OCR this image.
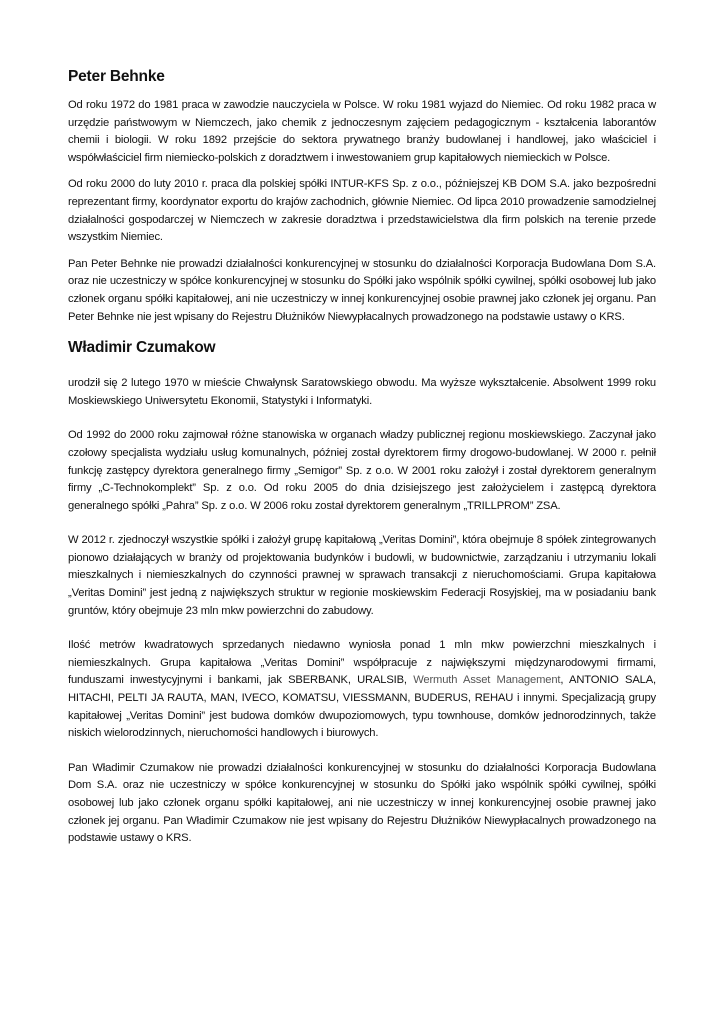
Peter Behnke

Od roku 1972 do 1981 praca w zawodzie nauczyciela w Polsce. W roku 1981 wyjazd do Niemiec. Od roku 1982 praca w urzędzie państwowym w Niemczech, jako chemik z jednoczesnym zajęciem pedagogicznym - kształcenia laborantów chemii i biologii. W roku 1892 przejście do sektora prywatnego branży budowlanej i handlowej, jako właściciel i współwłaściciel firm niemiecko-polskich z doradztwem i inwestowaniem grup kapitałowych niemieckich w Polsce.

Od roku 2000 do luty 2010 r. praca dla polskiej spółki INTUR-KFS Sp. z o.o., późniejszej KB DOM S.A. jako bezpośredni reprezentant firmy, koordynator exportu do krajów zachodnich, głównie Niemiec. Od lipca 2010 prowadzenie samodzielnej działalności gospodarczej w Niemczech w zakresie doradztwa i przedstawicielstwa dla firm polskich na terenie przede wszystkim Niemiec.

Pan Peter Behnke nie prowadzi działalności konkurencyjnej w stosunku do działalności Korporacja Budowlana Dom S.A. oraz nie uczestniczy w spółce konkurencyjnej w stosunku do Spółki jako wspólnik spółki cywilnej, spółki osobowej lub jako członek organu spółki kapitałowej, ani nie uczestniczy w innej konkurencyjnej osobie prawnej jako członek jej organu. Pan Peter Behnke nie jest wpisany do Rejestru Dłużników Niewypłacalnych prowadzonego na podstawie ustawy o KRS.

Władimir Czumakow

urodził się 2 lutego 1970 w mieście Chwałynsk Saratowskiego obwodu. Ma wyższe wykształcenie. Absolwent 1999 roku Moskiewskiego Uniwersytetu Ekonomii, Statystyki i Informatyki.

Od 1992 do 2000 roku zajmował różne stanowiska w organach władzy publicznej regionu moskiewskiego. Zaczynał jako czołowy specjalista wydziału usług komunalnych, później został dyrektorem firmy drogowo-budowlanej. W 2000 r. pełnił funkcję zastępcy dyrektora generalnego firmy „Semigor” Sp. z o.o. W 2001 roku założył i został dyrektorem generalnym firmy „C-Technokomplekt” Sp. z o.o. Od roku 2005 do dnia dzisiejszego jest założycielem i zastępcą dyrektora generalnego spółki „Pahra” Sp. z o.o. W 2006 roku został dyrektorem generalnym „TRILLPROM” ZSA.

W 2012 r. zjednoczył wszystkie spółki i założył grupę kapitałową „Veritas Domini”, która obejmuje 8 spółek zintegrowanych pionowo działających w branży od projektowania budynków i budowli, w budownictwie, zarządzaniu i utrzymaniu lokali mieszkalnych i niemieszkalnych do czynności prawnej w sprawach transakcji z nieruchomościami. Grupa kapitałowa „Veritas Domini” jest jedną z największych struktur w regionie moskiewskim Federacji Rosyjskiej, ma w posiadaniu bank gruntów, który obejmuje 23 mln mkw powierzchni do zabudowy.

Ilość metrów kwadratowych sprzedanych niedawno wyniosła ponad 1 mln mkw powierzchni mieszkalnych i niemieszkalnych. Grupa kapitałowa „Veritas Domini” współpracuje z największymi międzynarodowymi firmami, funduszami inwestycyjnymi i bankami, jak SBERBANK, URALSIB, Wermuth Asset Management, ANTONIO SALA, HITACHI, PELTI JA RAUTA, MAN, IVECO, KOMATSU, VIESSMANN, BUDERUS, REHAU i innymi. Specjalizacją grupy kapitałowej „Veritas Domini” jest budowa domków dwupoziomowych, typu townhouse, domków jednorodzinnych, także niskich wielorodzinnych, nieruchomości handlowych i biurowych.

Pan Władimir Czumakow nie prowadzi działalności konkurencyjnej w stosunku do działalności Korporacja Budowlana Dom S.A. oraz nie uczestniczy w spółce konkurencyjnej w stosunku do Spółki jako wspólnik spółki cywilnej, spółki osobowej lub jako członek organu spółki kapitałowej, ani nie uczestniczy w innej konkurencyjnej osobie prawnej jako członek jej organu. Pan Władimir Czumakow nie jest wpisany do Rejestru Dłużników Niewypłacalnych prowadzonego na podstawie ustawy o KRS.
